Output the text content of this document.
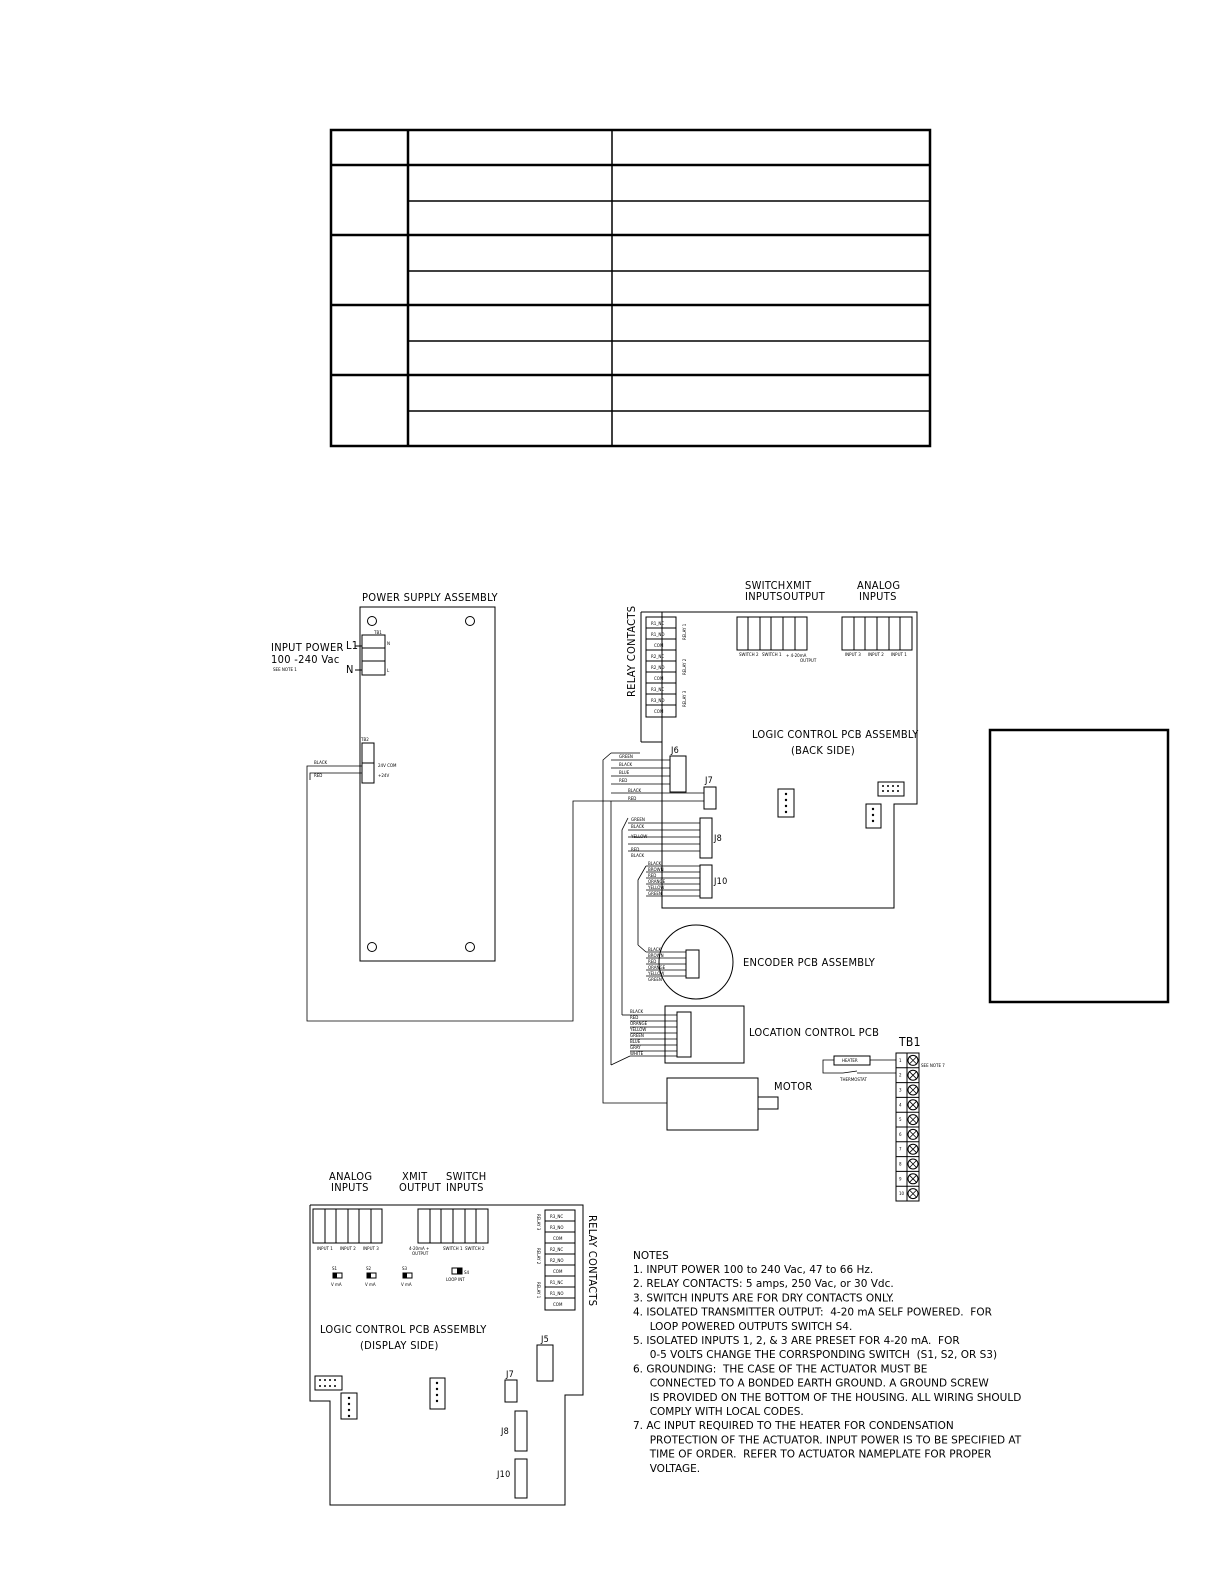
POWER SUPPLY ASSEMBLY
TB1
N
L
L1
N
INPUT POWER
100 -240 Vac
SEE NOTE 1
TB2
24V COM
+24V
BLACK
RED
SWITCH
INPUTS
XMIT
OUTPUT
ANALOG
INPUTS
RELAY CONTACTS	R1_NC
R1_NO
COM
R2_NC
R2_NO
COM
R3_NC
R3_NO
COM
RELAY 1
RELAY 2
RELAY 3
SWITCH 2 SWITCH 1 + 4-20mA
OUTPUT
INPUT 3 INPUT 2 INPUT 1
LOGIC CONTROL PCB ASSEMBLY
(BACK SIDE)
J6
GREEN
BLACK
BLUE
RED	J7
BLACK
RED
J8
GREEN
BLACK
YELLOW
RED
BLACK
J10
BLACK
BROWN
RED
ORANGE
YELLOW
GREEN
BLACK
BROWN
RED
ORANGE
YELLOW
GREEN
ENCODER PCB ASSEMBLY
BLACK
RED
ORANGE
YELLOW
GREEN
BLUE
GRAY
WHITE
LOCATION CONTROL PCB
MOTOR
TB1
1
2
3
4
5
6
7
8
9
10
HEATER
THERMOSTAT
SEE NOTE 7
ANALOG
INPUTS
XMIT
OUTPUT
SWITCH
INPUTS
RELAY CONTACTS
R3_NC
R3_NO
COM
R2_NC
R2_NO
COM
R1_NC
R1_NO
COM
RELAY 3
RELAY 2
RELAY 1
INPUT 1 INPUT 2 INPUT 3	4-20mA +
OUTPUT
SWITCH 1 SWITCH 2
S1
V mA
S2
V mA
S3
V mA
S4
LOOP INT
LOGIC CONTROL PCB ASSEMBLY
(DISPLAY SIDE)	J5
J7
J8
J10
NOTES
1. INPUT POWER 100 to 240 Vac, 47 to 66 Hz.
2. RELAY CONTACTS: 5 amps, 250 Vac, or 30 Vdc.
3. SWITCH INPUTS ARE FOR DRY CONTACTS ONLY.
4. ISOLATED TRANSMITTER OUTPUT:  4-20 mA SELF POWERED.  FOR
LOOP POWERED OUTPUTS SWITCH S4.
5. ISOLATED INPUTS 1, 2, & 3 ARE PRESET FOR 4-20 mA.  FOR
0-5 VOLTS CHANGE THE CORRSPONDING SWITCH  (S1, S2, OR S3)
6. GROUNDING:  THE CASE OF THE ACTUATOR MUST BE
CONNECTED TO A BONDED EARTH GROUND. A GROUND SCREW
IS PROVIDED ON THE BOTTOM OF THE HOUSING. ALL WIRING SHOULD
COMPLY WITH LOCAL CODES.
7. AC INPUT REQUIRED TO THE HEATER FOR CONDENSATION
PROTECTION OF THE ACTUATOR. INPUT POWER IS TO BE SPECIFIED AT
TIME OF ORDER.  REFER TO ACTUATOR NAMEPLATE FOR PROPER
VOLTAGE.
